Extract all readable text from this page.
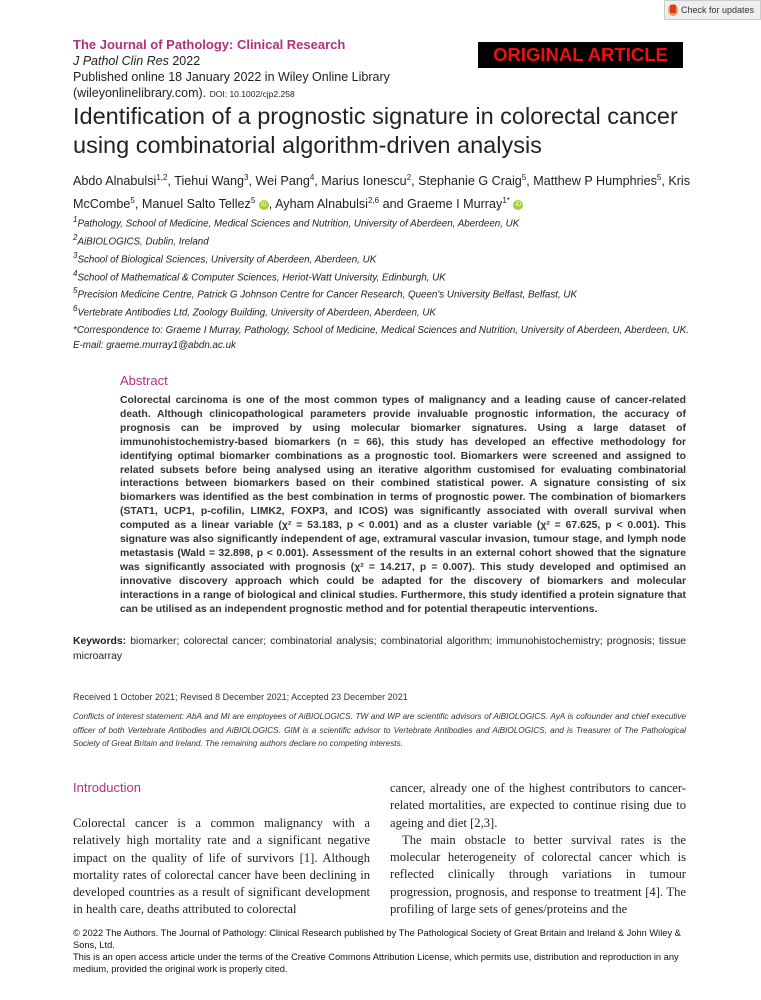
Check for updates
The Journal of Pathology: Clinical Research
J Pathol Clin Res 2022
Published online 18 January 2022 in Wiley Online Library
(wileyonlinelibrary.com). DOI: 10.1002/cjp2.258
ORIGINAL ARTICLE
Identification of a prognostic signature in colorectal cancer using combinatorial algorithm-driven analysis
Abdo Alnabulsi$^{1,2}$, Tiehui Wang$^3$, Wei Pang$^4$, Marius Ionescu$^2$, Stephanie G Craig$^5$, Matthew P Humphries$^5$, Kris McCombe$^5$, Manuel Salto Tellez$^5$ iD , Ayham Alnabulsi$^{2,6}$ and Graeme I Murray$^{1*}$ iD
$^1$Pathology, School of Medicine, Medical Sciences and Nutrition, University of Aberdeen, Aberdeen, UK
$^2$AiBIOLOGICS, Dublin, Ireland
$^3$School of Biological Sciences, University of Aberdeen, Aberdeen, UK
$^4$School of Mathematical & Computer Sciences, Heriot-Watt University, Edinburgh, UK
$^5$Precision Medicine Centre, Patrick G Johnson Centre for Cancer Research, Queen's University Belfast, Belfast, UK
$^6$Vertebrate Antibodies Ltd, Zoology Building, University of Aberdeen, Aberdeen, UK
*Correspondence to: Graeme I Murray, Pathology, School of Medicine, Medical Sciences and Nutrition, University of Aberdeen, Aberdeen, UK.
E-mail: graeme.murray1@abdn.ac.uk
Abstract
Colorectal carcinoma is one of the most common types of malignancy and a leading cause of cancer-related death. Although clinicopathological parameters provide invaluable prognostic information, the accuracy of prognosis can be improved by using molecular biomarker signatures. Using a large dataset of immunohistochemistry-based biomarkers (n = 66), this study has developed an effective methodology for identifying optimal biomarker combinations as a prognostic tool. Biomarkers were screened and assigned to related subsets before being analysed using an iterative algorithm customised for evaluating combinatorial interactions between biomarkers based on their combined statistical power. A signature consisting of six biomarkers was identified as the best combination in terms of prognostic power. The combination of biomarkers (STAT1, UCP1, p-cofilin, LIMK2, FOXP3, and ICOS) was significantly associated with overall survival when computed as a linear variable (χ² = 53.183, p < 0.001) and as a cluster variable (χ² = 67.625, p < 0.001). This signature was also significantly independent of age, extramural vascular invasion, tumour stage, and lymph node metastasis (Wald = 32.898, p < 0.001). Assessment of the results in an external cohort showed that the signature was significantly associated with prognosis (χ² = 14.217, p = 0.007). This study developed and optimised an innovative discovery approach which could be adapted for the discovery of biomarkers and molecular interactions in a range of biological and clinical studies. Furthermore, this study identified a protein signature that can be utilised as an independent prognostic method and for potential therapeutic interventions.
Keywords: biomarker; colorectal cancer; combinatorial analysis; combinatorial algorithm; immunohistochemistry; prognosis; tissue microarray
Received 1 October 2021; Revised 8 December 2021; Accepted 23 December 2021
Conflicts of interest statement: AbA and MI are employees of AiBIOLOGICS. TW and WP are scientific advisors of AiBIOLOGICS. AyA is cofounder and chief executive officer of both Vertebrate Antibodies and AiBIOLOGICS. GIM is a scientific advisor to Vertebrate Antibodies and AiBIOLOGICS, and is Treasurer of The Pathological Society of Great Britain and Ireland. The remaining authors declare no competing interests.
Introduction

Colorectal cancer is a common malignancy with a relatively high mortality rate and a significant negative impact on the quality of life of survivors [1]. Although mortality rates of colorectal cancer have been declining in developed countries as a result of significant development in health care, deaths attributed to colorectal

cancer, already one of the highest contributors to cancer-related mortalities, are expected to continue rising due to ageing and diet [2,3].

The main obstacle to better survival rates is the molecular heterogeneity of colorectal cancer which is reflected clinically through variations in tumour progression, prognosis, and response to treatment [4]. The profiling of large sets of genes/proteins and the

© 2022 The Authors. The Journal of Pathology: Clinical Research published by The Pathological Society of Great Britain and Ireland & John Wiley & Sons, Ltd.
This is an open access article under the terms of the Creative Commons Attribution License, which permits use, distribution and reproduction in any medium, provided the original work is properly cited.
